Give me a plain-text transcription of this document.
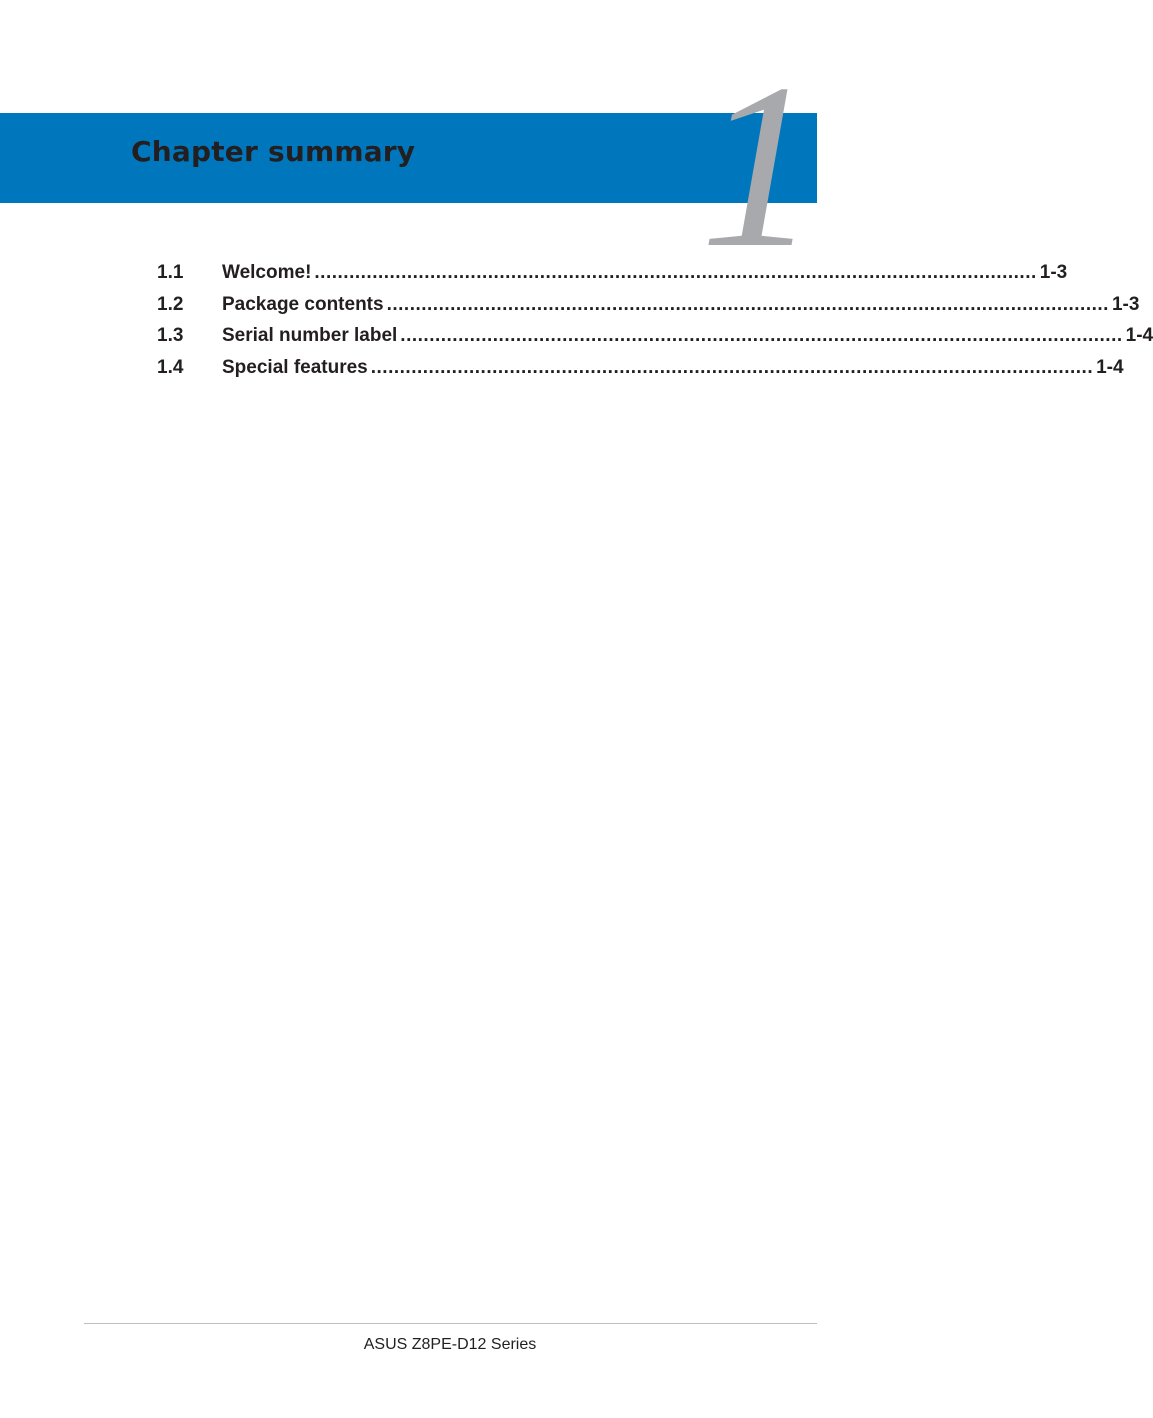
Chapter summary 1
1.1	Welcome! ............................................................................................................................. 1-3
1.2	Package contents ............................................................................................................................. 1-3
1.3	Serial number label ............................................................................................................................. 1-4
1.4	Special features ............................................................................................................................. 1-4
ASUS Z8PE-D12 Series
